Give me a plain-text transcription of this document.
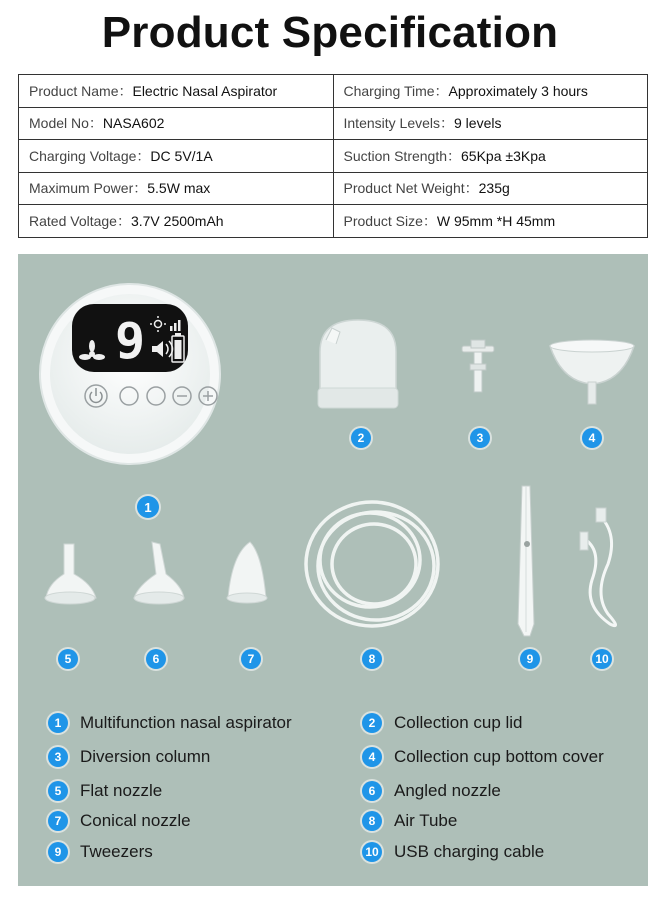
Product Specification
Product Name：Electric Nasal Aspirator	Charging Time：Approximately 3 hours
Model No：NASA602	Intensity Levels：9 levels
Charging Voltage：DC 5V/1A	Suction Strength：65Kpa ±3Kpa
Maximum Power：5.5W max	Product Net Weight：235g
Rated Voltage：3.7V 2500mAh	Product Size：W 95mm *H 45mm
9
1
2	3	4
5	6	7	8	9	10
1	Multifunction nasal aspirator	2	Collection cup lid
3	Diversion column	4	Collection cup bottom cover
5	Flat nozzle	6	Angled nozzle
7	Conical nozzle	8	Air Tube
9	Tweezers	10 USB charging cable
